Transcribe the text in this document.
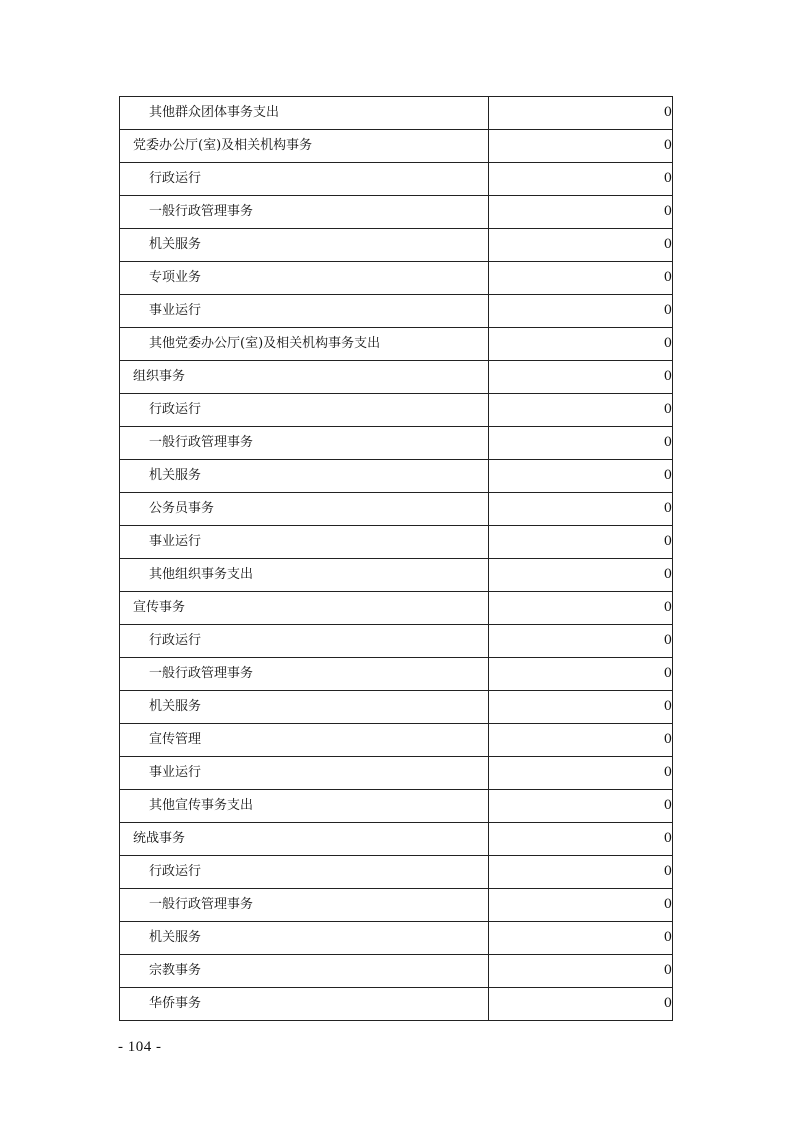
其他群众团体事务支出	0
党委办公厅(室)及相关机构事务	0
行政运行	0
一般行政管理事务	0
机关服务	0
专项业务	0
事业运行	0
其他党委办公厅(室)及相关机构事务支出	0
组织事务	0
行政运行	0
一般行政管理事务	0
机关服务	0
公务员事务	0
事业运行	0
其他组织事务支出	0
宣传事务	0
行政运行	0
一般行政管理事务	0
机关服务	0
宣传管理	0
事业运行	0
其他宣传事务支出	0
统战事务	0
行政运行	0
一般行政管理事务	0
机关服务	0
宗教事务	0
华侨事务	0
- 104 -
